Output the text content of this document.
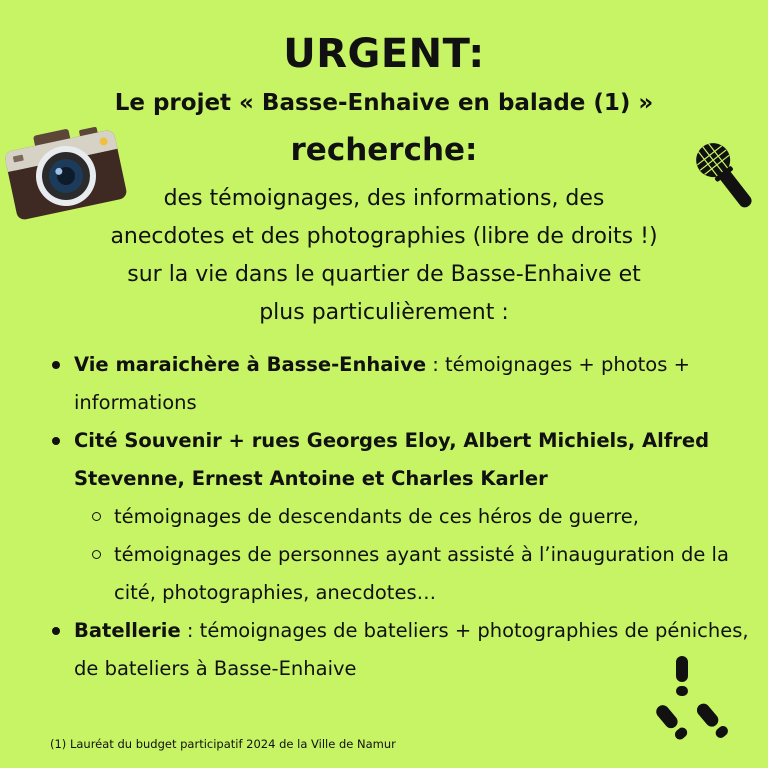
URGENT:
Le projet « Basse-Enhaive en balade (1) »
recherche:
des témoignages, des informations, des
anecdotes et des photographies (libre de droits !)
sur la vie dans le quartier de Basse-Enhaive et
plus particulièrement :
Vie maraichère à Basse-Enhaive : témoignages + photos + informations
Cité Souvenir + rues Georges Eloy, Albert Michiels, Alfred Stevenne, Ernest Antoine et Charles Karler
témoignages de descendants de ces héros de guerre,
témoignages de personnes ayant assisté à l’inauguration de la cité, photographies, anecdotes…
Batellerie : témoignages de bateliers + photographies de péniches, de bateliers à Basse-Enhaive
(1) Lauréat du budget participatif 2024 de la Ville de Namur
